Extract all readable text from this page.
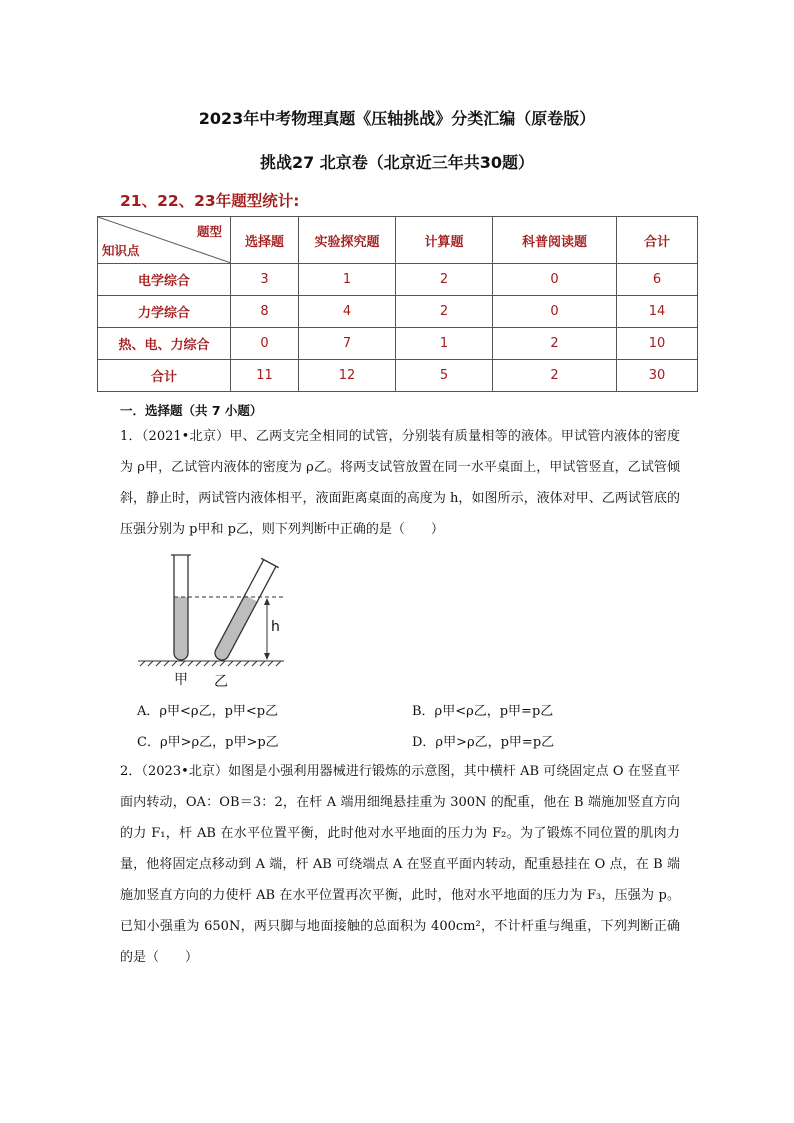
2023年中考物理真题《压轴挑战》分类汇编（原卷版）
挑战27 北京卷（北京近三年共30题）
21、22、23年题型统计:
题型
知识点	选择题	实验探究题	计算题	科普阅读题	合计
电学综合	3	1	2	0	6
力学综合	8	4	2	0	14
热、电、力综合	0	7	1	2	10
合计	11	12	5	2	30
一．选择题（共 7 小题）
1．（2021•北京）甲、乙两支完全相同的试管，分别装有质量相等的液体。甲试管内液体的密度为 ρ甲，乙试管内液体的密度为 ρ乙。将两支试管放置在同一水平桌面上，甲试管竖直，乙试管倾斜，静止时，两试管内液体相平，液面距离桌面的高度为 h，如图所示，液体对甲、乙两试管底的压强分别为 p甲和 p乙，则下列判断中正确的是（　　）
h
甲 乙
A．ρ甲<ρ乙，p甲<p乙	B．ρ甲<ρ乙，p甲=p乙
C．ρ甲>ρ乙，p甲>p乙	D．ρ甲>ρ乙，p甲=p乙
2．（2023•北京）如图是小强利用器械进行锻炼的示意图，其中横杆 AB 可绕固定点 O 在竖直平面内转动，OA：OB＝3：2，在杆 A 端用细绳悬挂重为 300N 的配重，他在 B 端施加竖直方向的力 F₁，杆 AB 在水平位置平衡，此时他对水平地面的压力为 F₂。为了锻炼不同位置的肌肉力量，他将固定点移动到 A 端，杆 AB 可绕端点 A 在竖直平面内转动，配重悬挂在 O 点，在 B 端施加竖直方向的力使杆 AB 在水平位置再次平衡，此时，他对水平地面的压力为 F₃，压强为 p。已知小强重为 650N，两只脚与地面接触的总面积为 400cm²，不计杆重与绳重，下列判断正确的是（　　）
